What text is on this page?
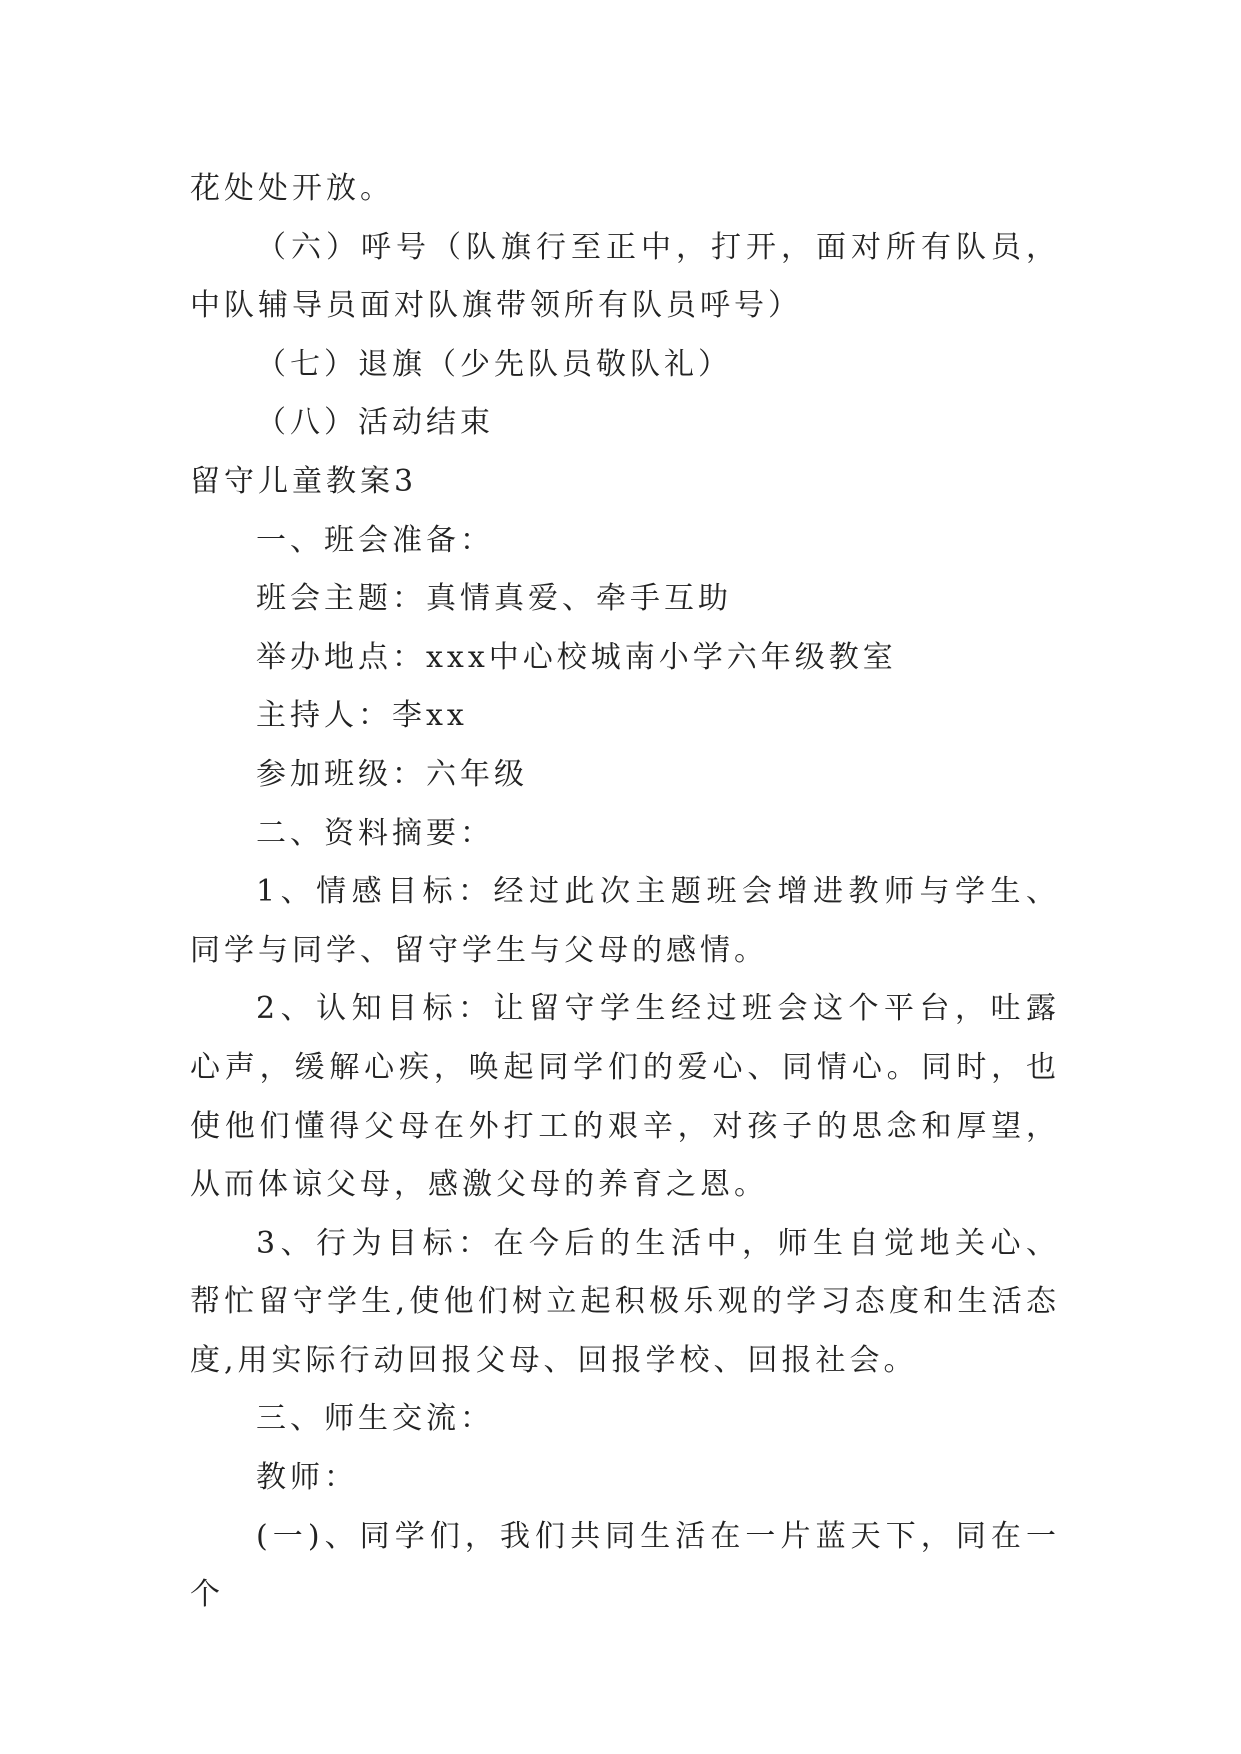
花处处开放。

（六）呼号（队旗行至正中，打开，面对所有队员，中队辅导员面对队旗带领所有队员呼号）

（七）退旗（少先队员敬队礼）

（八）活动结束

留守儿童教案3

一、班会准备：

班会主题：真情真爱、牵手互助

举办地点：xxx中心校城南小学六年级教室

主持人：李xx

参加班级：六年级

二、资料摘要：

1、情感目标：经过此次主题班会增进教师与学生、同学与同学、留守学生与父母的感情。

2、认知目标：让留守学生经过班会这个平台，吐露心声，缓解心疾，唤起同学们的爱心、同情心。同时，也使他们懂得父母在外打工的艰辛，对孩子的思念和厚望，从而体谅父母，感激父母的养育之恩。

3、行为目标：在今后的生活中，师生自觉地关心、帮忙留守学生,使他们树立起积极乐观的学习态度和生活态度,用实际行动回报父母、回报学校、回报社会。

三、师生交流：

教师：

(一)、同学们，我们共同生活在一片蓝天下，同在一个
